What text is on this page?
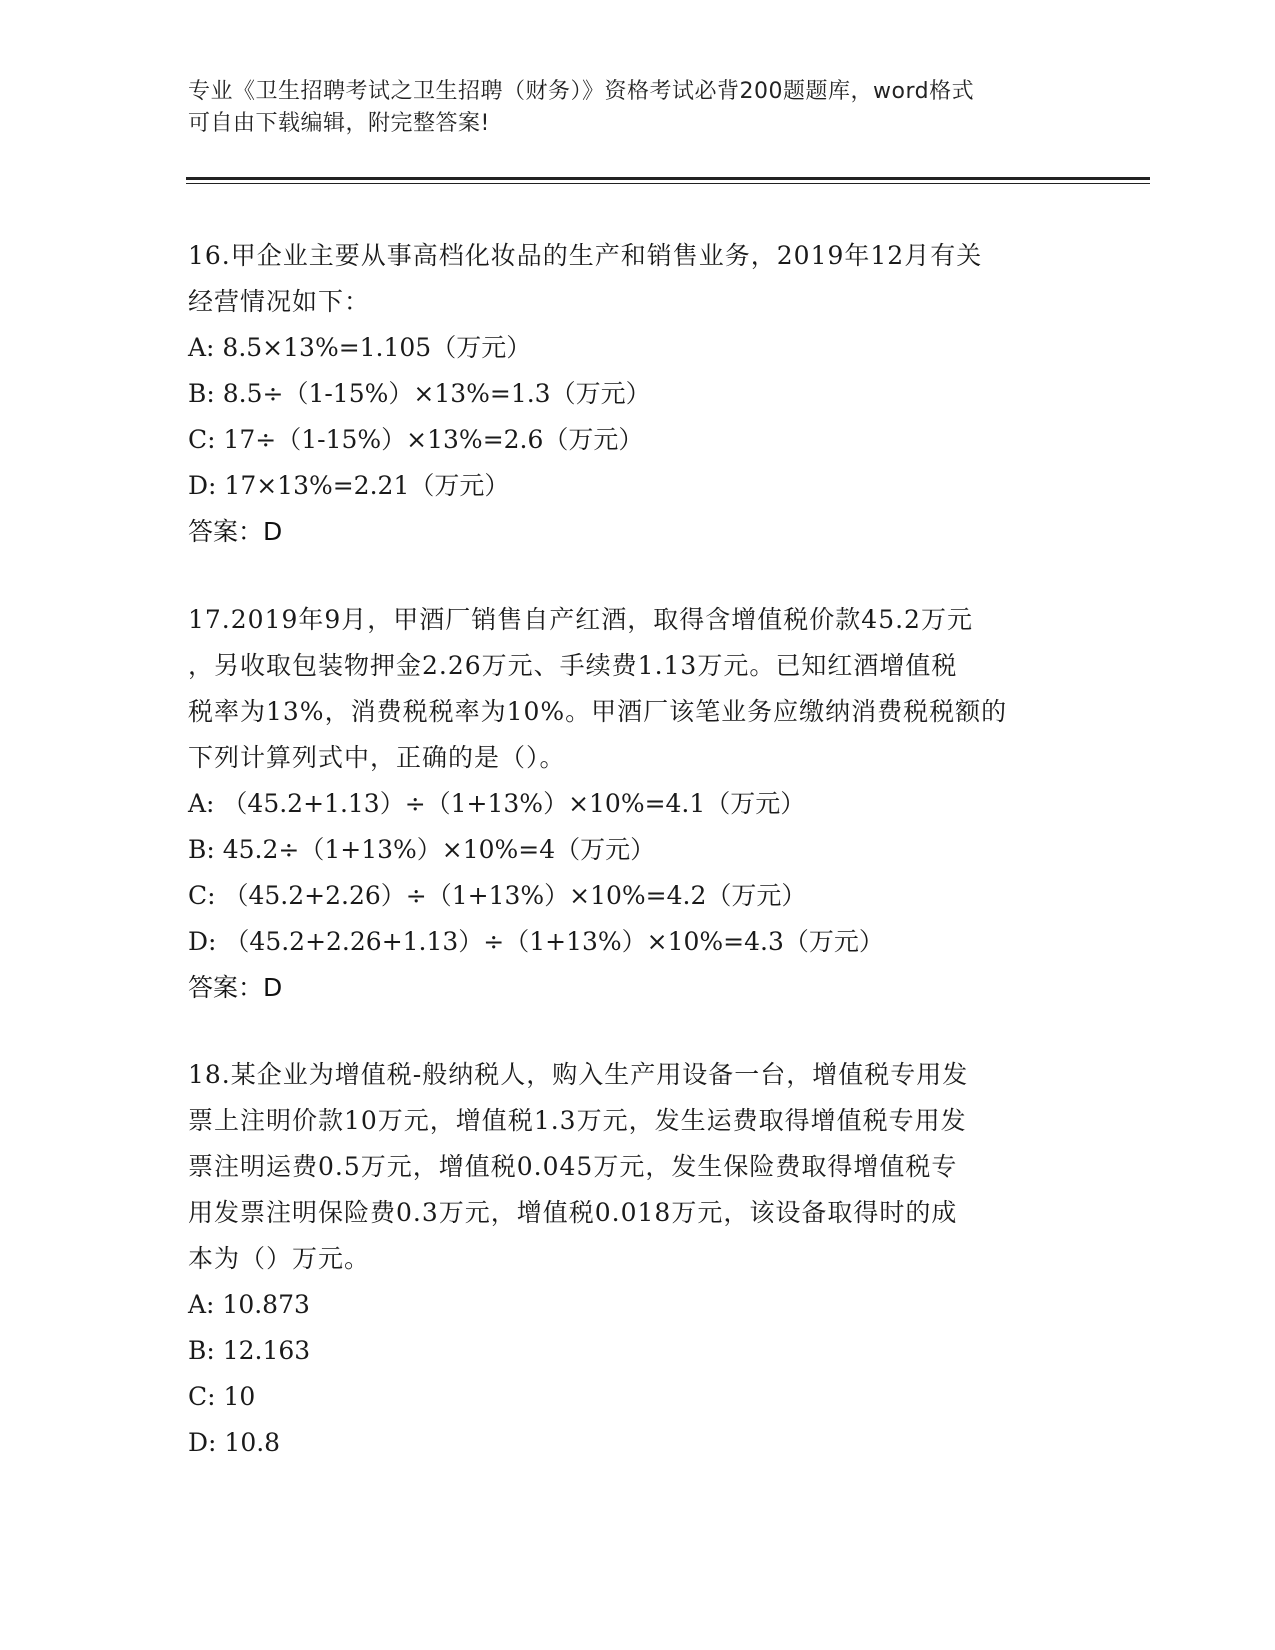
专业《卫生招聘考试之卫生招聘（财务）》资格考试必背200题题库，word格式
可自由下载编辑，附完整答案!
16.甲企业主要从事高档化妆品的生产和销售业务，2019年12月有关
经营情况如下：
A: 8.5×13%=1.105（万元）
B: 8.5÷（1-15%）×13%=1.3（万元）
C: 17÷（1-15%）×13%=2.6（万元）
D: 17×13%=2.21（万元）
答案：D
17.2019年9月，甲酒厂销售自产红酒，取得含增值税价款45.2万元
，另收取包装物押金2.26万元、手续费1.13万元。已知红酒增值税
税率为13%，消费税税率为10%。甲酒厂该笔业务应缴纳消费税税额的
下列计算列式中，正确的是（）。
A: （45.2+1.13）÷（1+13%）×10%=4.1（万元）
B: 45.2÷（1+13%）×10%=4（万元）
C: （45.2+2.26）÷（1+13%）×10%=4.2（万元）
D: （45.2+2.26+1.13）÷（1+13%）×10%=4.3（万元）
答案：D
18.某企业为增值税-般纳税人，购入生产用设备一台，增值税专用发
票上注明价款10万元，增值税1.3万元，发生运费取得增值税专用发
票注明运费0.5万元，增值税0.045万元，发生保险费取得增值税专
用发票注明保险费0.3万元，增值税0.018万元，该设备取得时的成
本为（）万元。
A: 10.873
B: 12.163
C: 10
D: 10.8
